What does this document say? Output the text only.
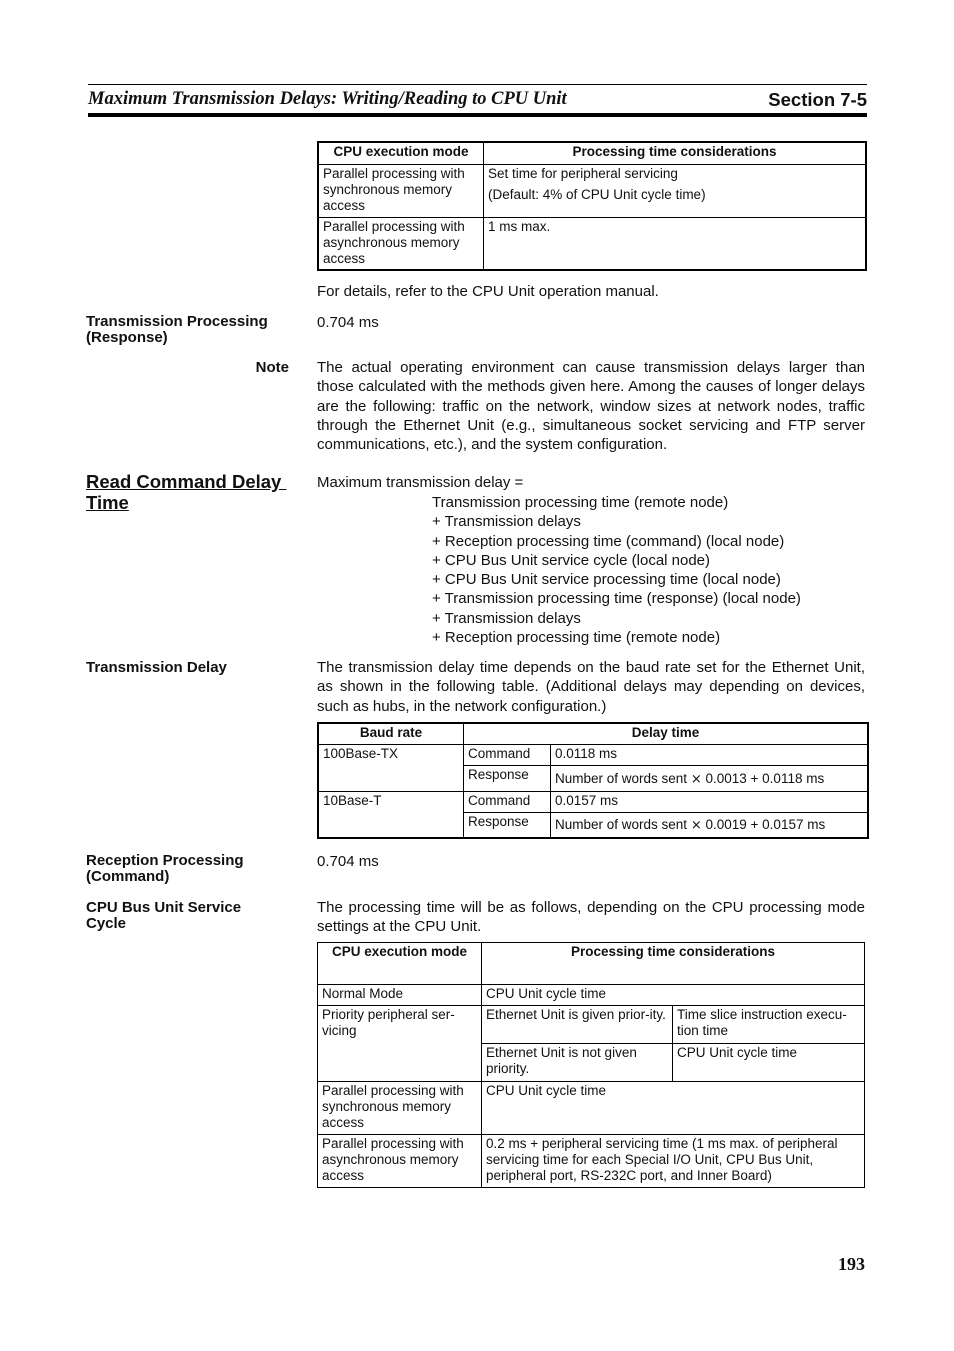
Maximum Transmission Delays: Writing/Reading to CPU Unit	Section 7-5
CPU execution mode	Processing time considerations
Parallel processing with synchronous memory access	Set time for peripheral servicing
(Default: 4% of CPU Unit cycle time)

Parallel processing with asynchronous memory access	1 ms max.
For details, refer to the CPU Unit operation manual.
Transmission Processing
(Response)
0.704 ms
Note The actual operating environment can cause transmission delays larger than those calculated with the methods given here. Among the causes of longer delays are the following: traffic on the network, window sizes at network nodes, traffic through the Ethernet Unit (e.g., simultaneous socket servicing and FTP server communications, etc.), and the system configuration.
Read Command Delay
Time
Maximum transmission delay =
Transmission processing time (remote node)
+ Transmission delays
+ Reception processing time (command) (local node)
+ CPU Bus Unit service cycle (local node)
+ CPU Bus Unit service processing time (local node)
+ Transmission processing time (response) (local node)
+ Transmission delays
+ Reception processing time (remote node)
Transmission Delay	The transmission delay time depends on the baud rate set for the Ethernet Unit, as shown in the following table. (Additional delays may depending on devices, such as hubs, in the network configuration.)
Baud rate	Delay time	
100Base-TX	Command	0.0118 ms
	Response	Number of words sent × 0.0013 + 0.0118 ms
10Base-T	Command	0.0157 ms
	Response	Number of words sent × 0.0019 + 0.0157 ms
Reception Processing
(Command)
0.704 ms
CPU Bus Unit Service
Cycle
The processing time will be as follows, depending on the CPU processing mode settings at the CPU Unit.
CPU execution mode	Processing time considerations	
Normal Mode	CPU Unit cycle time	
Priority peripheral ser-vicing	Ethernet Unit is given prior-ity.	Time slice instruction execu-tion time
	Ethernet Unit is not given priority.	CPU Unit cycle time
Parallel processing with synchronous memory access	CPU Unit cycle time	
Parallel processing with asynchronous memory access	0.2 ms + peripheral servicing time (1 ms max. of peripheral servicing time for each Special I/O Unit, CPU Bus Unit, peripheral port, RS-232C port, and Inner Board)	
193
